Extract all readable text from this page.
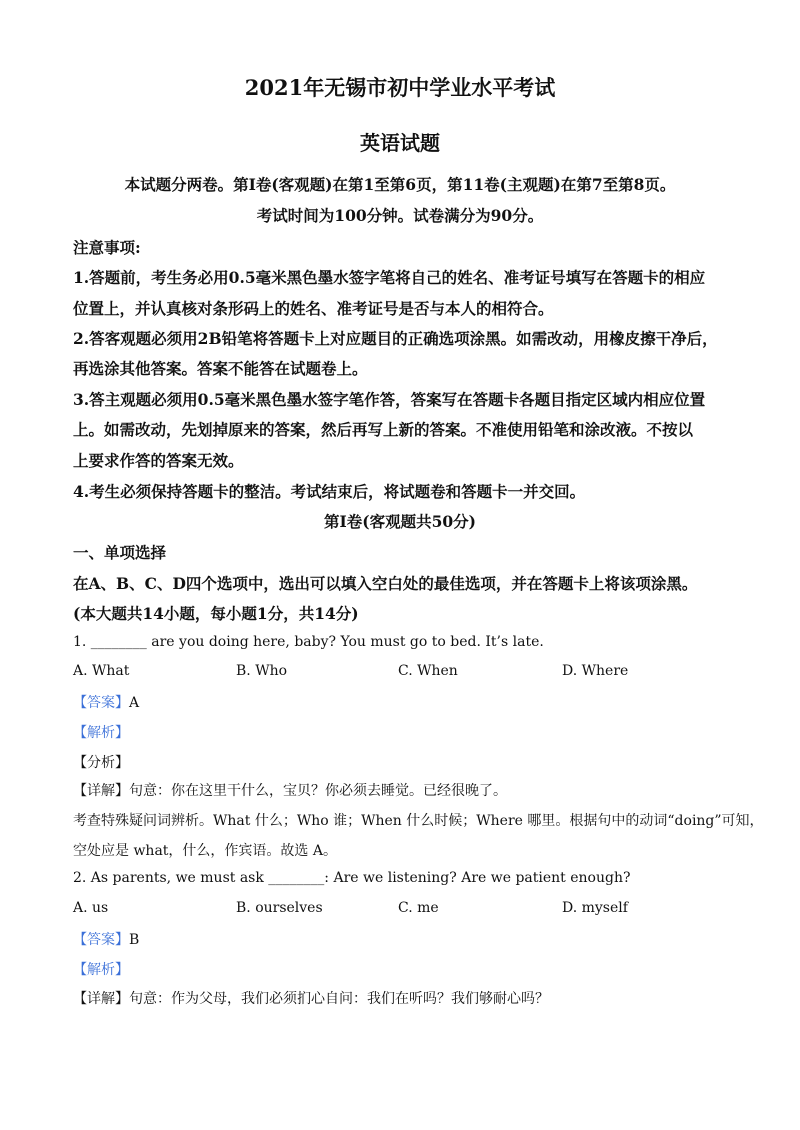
2021年无锡市初中学业水平考试
英语试题
本试题分两卷。第I卷(客观题)在第1至第6页，第11卷(主观题)在第7至第8页。
考试时间为100分钟。试卷满分为90分。
注意事项:
1.答题前，考生务必用0.5毫米黑色墨水签字笔将自己的姓名、准考证号填写在答题卡的相应
位置上，并认真核对条形码上的姓名、准考证号是否与本人的相符合。
2.答客观题必须用2B铅笔将答题卡上对应题目的正确选项涂黑。如需改动，用橡皮擦干净后，
再选涂其他答案。答案不能答在试题卷上。
3.答主观题必须用0.5毫米黑色墨水签字笔作答，答案写在答题卡各题目指定区域内相应位置
上。如需改动，先划掉原来的答案，然后再写上新的答案。不准使用铅笔和涂改液。不按以
上要求作答的答案无效。
4.考生必须保持答题卡的整洁。考试结束后，将试题卷和答题卡一并交回。
第I卷(客观题共50分)
一、单项选择
在A、B、C、D四个选项中，选出可以填入空白处的最佳选项，并在答题卡上将该项涂黑。
(本大题共14小题，每小题1分，共14分)
1. ________ are you doing here, baby? You must go to bed. It’s late.
A. What	B. Who	C. When	D. Where
【答案】A
【解析】
【分析】
【详解】句意：你在这里干什么，宝贝？你必须去睡觉。已经很晚了。
考查特殊疑问词辨析。What 什么；Who 谁；When 什么时候；Where 哪里。根据句中的动词“doing”可知，
空处应是 what，什么，作宾语。故选 A。
2. As parents, we must ask ________: Are we listening? Are we patient enough?
A. us	B. ourselves	C. me	D. myself
【答案】B
【解析】
【详解】句意：作为父母，我们必须扪心自问：我们在听吗？我们够耐心吗？
